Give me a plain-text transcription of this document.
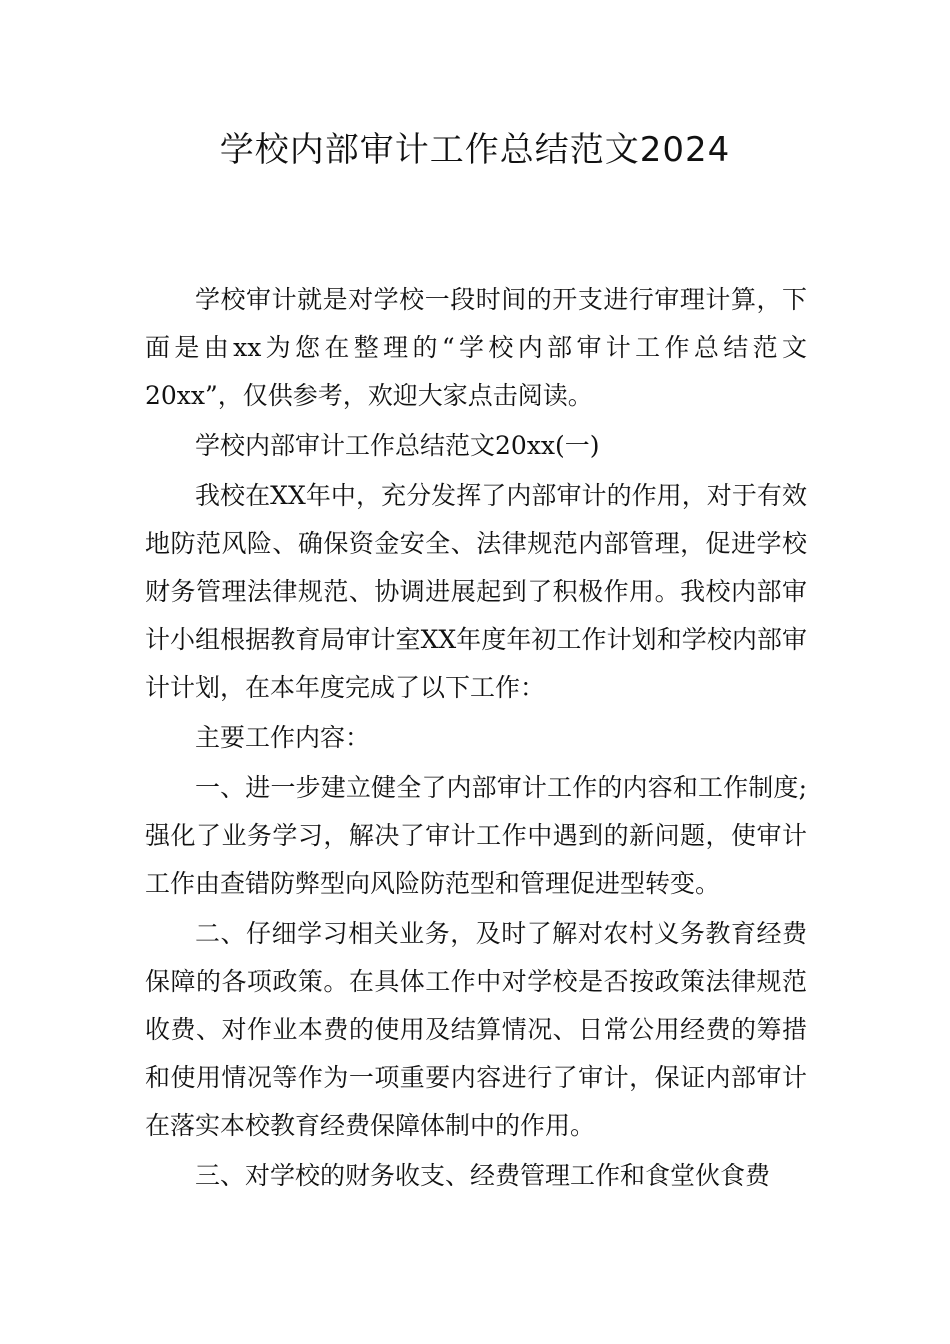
学校内部审计工作总结范文2024

学校审计就是对学校一段时间的开支进行审理计算，下面是由xx为您在整理的“学校内部审计工作总结范文20xx”，仅供参考，欢迎大家点击阅读。

学校内部审计工作总结范文20xx(一)

我校在XX年中，充分发挥了内部审计的作用，对于有效地防范风险、确保资金安全、法律规范内部管理，促进学校财务管理法律规范、协调进展起到了积极作用。我校内部审计小组根据教育局审计室XX年度年初工作计划和学校内部审计计划，在本年度完成了以下工作：

主要工作内容：

一、进一步建立健全了内部审计工作的内容和工作制度;强化了业务学习，解决了审计工作中遇到的新问题，使审计工作由查错防弊型向风险防范型和管理促进型转变。

二、仔细学习相关业务，及时了解对农村义务教育经费保障的各项政策。在具体工作中对学校是否按政策法律规范收费、对作业本费的使用及结算情况、日常公用经费的筹措和使用情况等作为一项重要内容进行了审计，保证内部审计在落实本校教育经费保障体制中的作用。

三、对学校的财务收支、经费管理工作和食堂伙食费
